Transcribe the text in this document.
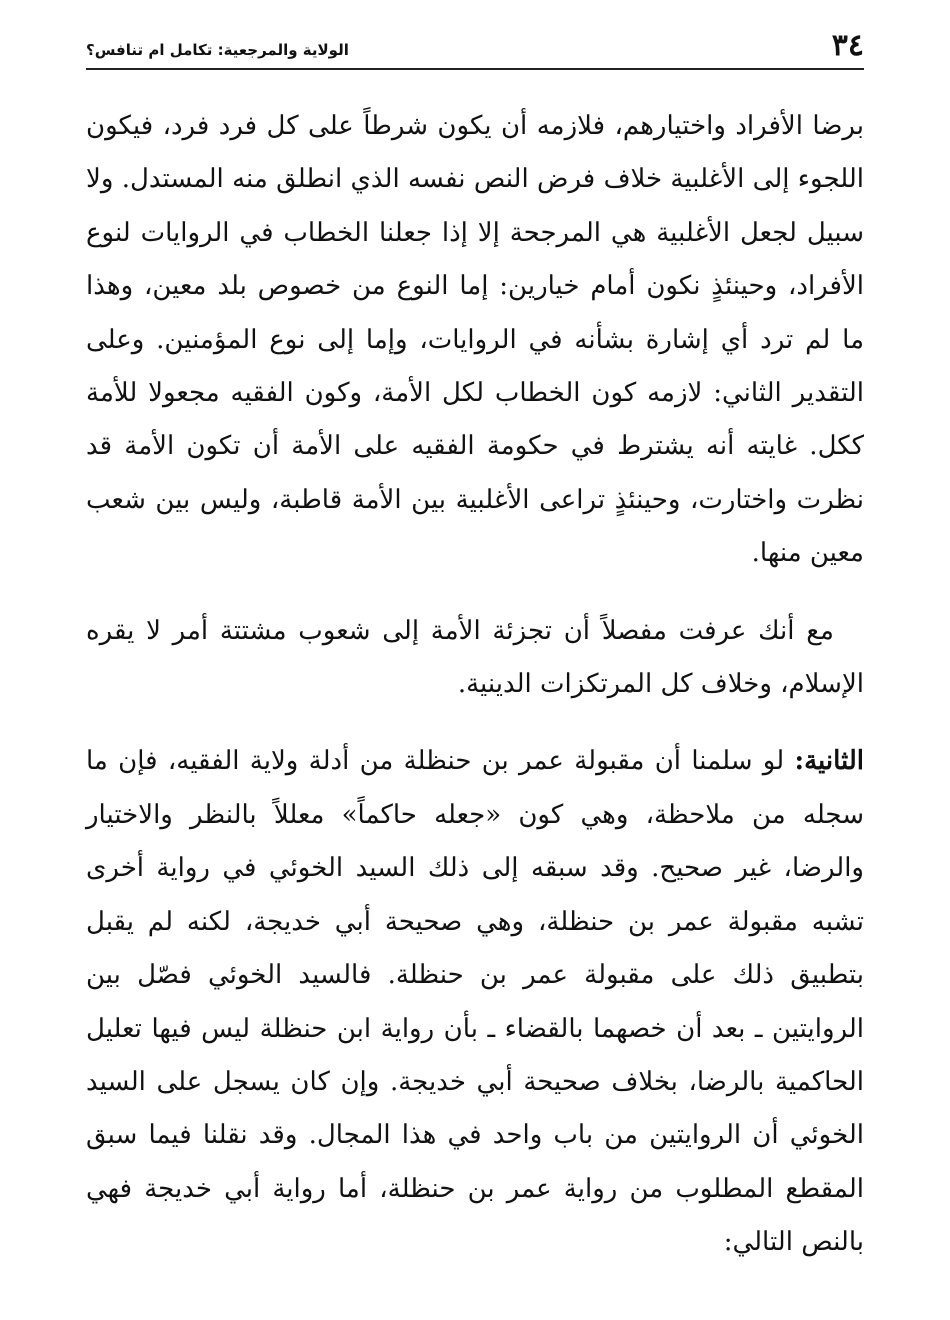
٣٤
الولاية والمرجعية: تكامل ام تنافس؟

برضا الأفراد واختيارهم، فلازمه أن يكون شرطاً على كل فرد فرد، فيكون اللجوء إلى الأغلبية خلاف فرض النص نفسه الذي انطلق منه المستدل. ولا سبيل لجعل الأغلبية هي المرجحة إلا إذا جعلنا الخطاب في الروايات لنوع الأفراد، وحينئذٍ نكون أمام خيارين: إما النوع من خصوص بلد معين، وهذا ما لم ترد أي إشارة بشأنه في الروايات، وإما إلى نوع المؤمنين. وعلى التقدير الثاني: لازمه كون الخطاب لكل الأمة، وكون الفقيه مجعولا للأمة ككل. غايته أنه يشترط في حكومة الفقيه على الأمة أن تكون الأمة قد نظرت واختارت، وحينئذٍ تراعى الأغلبية بين الأمة قاطبة، وليس بين شعب معين منها.

مع أنك عرفت مفصلاً أن تجزئة الأمة إلى شعوب مشتتة أمر لا يقره الإسلام، وخلاف كل المرتكزات الدينية.

الثانية: لو سلمنا أن مقبولة عمر بن حنظلة من أدلة ولاية الفقيه، فإن ما سجله من ملاحظة، وهي كون «جعله حاكماً» معللاً بالنظر والاختيار والرضا، غير صحيح. وقد سبقه إلى ذلك السيد الخوئي في رواية أخرى تشبه مقبولة عمر بن حنظلة، وهي صحيحة أبي خديجة، لكنه لم يقبل بتطبيق ذلك على مقبولة عمر بن حنظلة. فالسيد الخوئي فصّل بين الروايتين ـ بعد أن خصهما بالقضاء ـ بأن رواية ابن حنظلة ليس فيها تعليل الحاكمية بالرضا، بخلاف صحيحة أبي خديجة. وإن كان يسجل على السيد الخوئي أن الروايتين من باب واحد في هذا المجال. وقد نقلنا فيما سبق المقطع المطلوب من رواية عمر بن حنظلة، أما رواية أبي خديجة فهي بالنص التالي:
